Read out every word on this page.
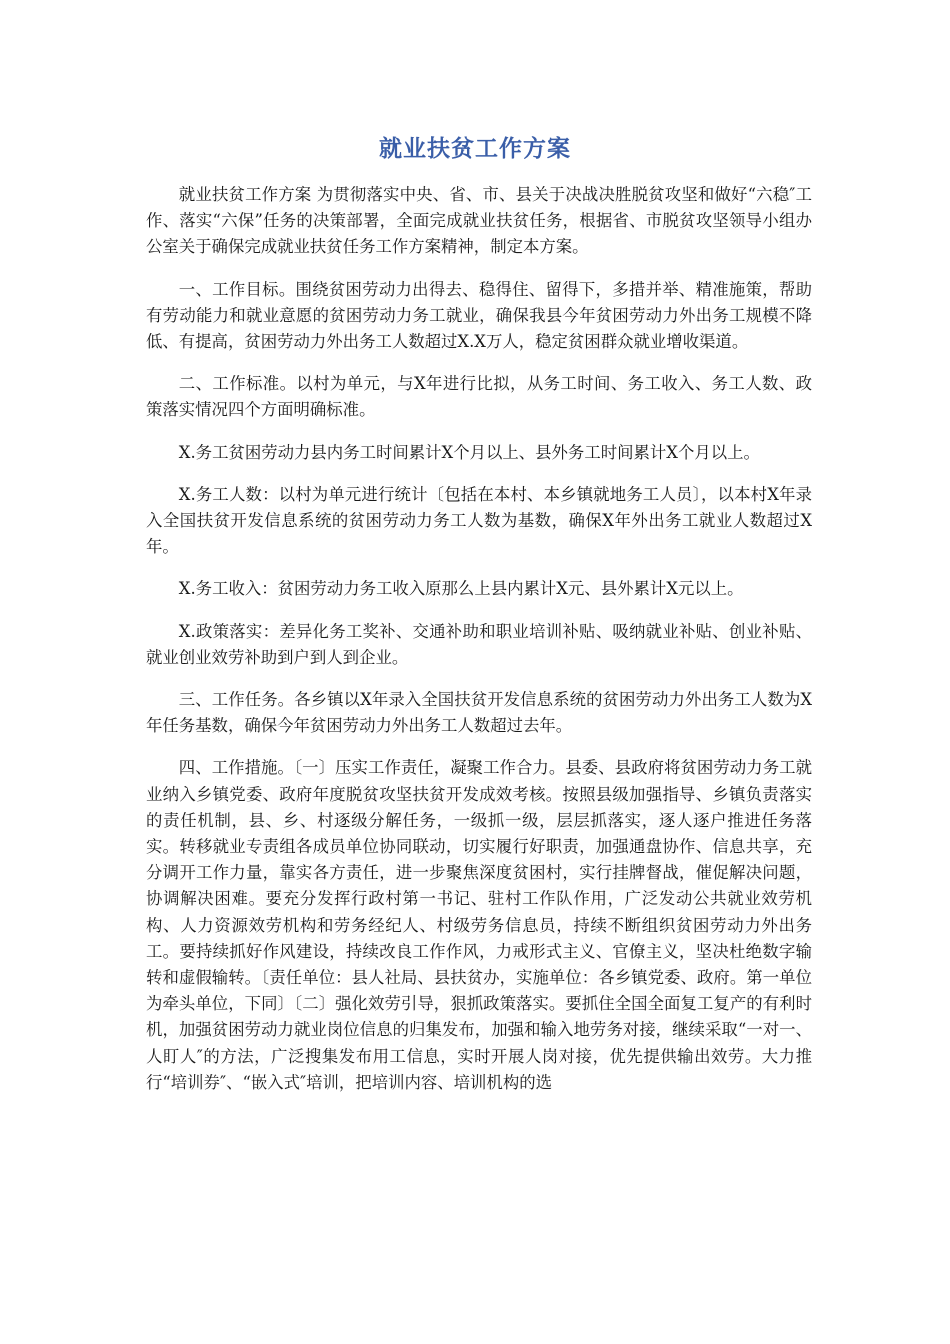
就业扶贫工作方案

就业扶贫工作方案 为贯彻落实中央、省、市、县关于决战决胜脱贫攻坚和做好“六稳″工作、落实“六保”任务的决策部署，全面完成就业扶贫任务，根据省、市脱贫攻坚领导小组办公室关于确保完成就业扶贫任务工作方案精神，制定本方案。

一、工作目标。围绕贫困劳动力出得去、稳得住、留得下，多措并举、精准施策，帮助有劳动能力和就业意愿的贫困劳动力务工就业，确保我县今年贫困劳动力外出务工规模不降低、有提高，贫困劳动力外出务工人数超过X.X万人，稳定贫困群众就业增收渠道。

二、工作标准。以村为单元，与X年进行比拟，从务工时间、务工收入、务工人数、政策落实情况四个方面明确标准。

X.务工贫困劳动力县内务工时间累计X个月以上、县外务工时间累计X个月以上。

X.务工人数：以村为单元进行统计〔包括在本村、本乡镇就地务工人员〕，以本村X年录入全国扶贫开发信息系统的贫困劳动力务工人数为基数，确保X年外出务工就业人数超过X年。

X.务工收入：贫困劳动力务工收入原那么上县内累计X元、县外累计X元以上。

X.政策落实：差异化务工奖补、交通补助和职业培训补贴、吸纳就业补贴、创业补贴、就业创业效劳补助到户到人到企业。

三、工作任务。各乡镇以X年录入全国扶贫开发信息系统的贫困劳动力外出务工人数为X年任务基数，确保今年贫困劳动力外出务工人数超过去年。

四、工作措施。〔一〕压实工作责任，凝聚工作合力。县委、县政府将贫困劳动力务工就业纳入乡镇党委、政府年度脱贫攻坚扶贫开发成效考核。按照县级加强指导、乡镇负责落实的责任机制，县、乡、村逐级分解任务，一级抓一级，层层抓落实，逐人逐户推进任务落实。转移就业专责组各成员单位协同联动，切实履行好职责，加强通盘协作、信息共享，充分调开工作力量，靠实各方责任，进一步聚焦深度贫困村，实行挂牌督战，催促解决问题，协调解决困难。要充分发挥行政村第一书记、驻村工作队作用，广泛发动公共就业效劳机构、人力资源效劳机构和劳务经纪人、村级劳务信息员，持续不断组织贫困劳动力外出务工。要持续抓好作风建设，持续改良工作作风，力戒形式主义、官僚主义，坚决杜绝数字输转和虚假输转。〔责任单位：县人社局、县扶贫办，实施单位：各乡镇党委、政府。第一单位为牵头单位，下同〕〔二〕强化效劳引导，狠抓政策落实。要抓住全国全面复工复产的有利时机，加强贫困劳动力就业岗位信息的归集发布，加强和输入地劳务对接，继续采取“一对一、人盯人″的方法，广泛搜集发布用工信息，实时开展人岗对接，优先提供输出效劳。大力推行“培训券″、“嵌入式″培训，把培训内容、培训机构的选
